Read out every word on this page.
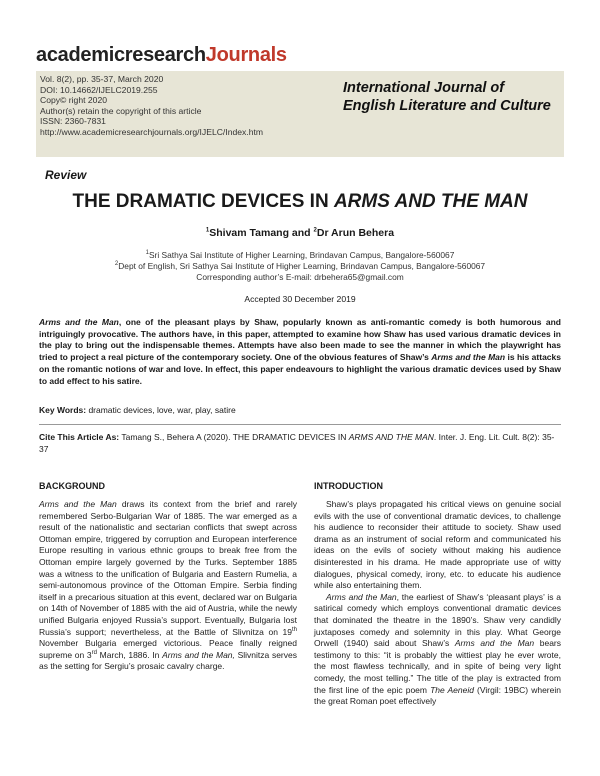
academicresearchJournals
Vol. 8(2), pp. 35-37, March 2020
DOI: 10.14662/IJELC2019.255
Copy© right 2020
Author(s) retain the copyright of this article
ISSN: 2360-7831
http://www.academicresearchjournals.org/IJELC/Index.htm
International Journal of English Literature and Culture
Review
THE DRAMATIC DEVICES IN ARMS AND THE MAN
$^1$Shivam Tamang and $^2$Dr Arun Behera
$^1$Sri Sathya Sai Institute of Higher Learning, Brindavan Campus, Bangalore-560067
$^2$Dept of English, Sri Sathya Sai Institute of Higher Learning, Brindavan Campus, Bangalore-560067
Corresponding author’s E-mail: drbehera65@gmail.com
Accepted 30 December 2019
Arms and the Man, one of the pleasant plays by Shaw, popularly known as anti-romantic comedy is both humorous and intriguingly provocative. The authors have, in this paper, attempted to examine how Shaw has used various dramatic devices in the play to bring out the indispensable themes. Attempts have also been made to see the manner in which the playwright has tried to project a real picture of the contemporary society. One of the obvious features of Shaw’s Arms and the Man is his attacks on the romantic notions of war and love. In effect, this paper endeavours to highlight the various dramatic devices used by Shaw to add effect to his satire.
Key Words: dramatic devices, love, war, play, satire
Cite This Article As: Tamang S., Behera A (2020). THE DRAMATIC DEVICES IN ARMS AND THE MAN. Inter. J. Eng. Lit. Cult. 8(2): 35-37
BACKGROUND	INTRODUCTION

Arms and the Man draws its context from the brief and rarely remembered Serbo-Bulgarian War of 1885. The war emerged as a result of the nationalistic and sectarian conflicts that swept across Ottoman empire, triggered by corruption and European interference Europe resulting in various ethnic groups to break free from the Ottoman empire largely governed by the Turks. September 1885 was a witness to the unification of Bulgaria and Eastern Rumelia, a semi-autonomous province of the Ottoman Empire. Serbia finding itself in a precarious situation at this event, declared war on Bulgaria on 14th of November of 1885 with the aid of Austria, while the newly unified Bulgaria enjoyed Russia’s support. Eventually, Bulgaria lost Russia’s support; nevertheless, at the Battle of Slivnitza on 19th November Bulgaria emerged victorious. Peace finally reigned supreme on 3rd March, 1886. In Arms and the Man, Slivnitza serves as the setting for Sergiu’s prosaic cavalry charge.

Shaw’s plays propagated his critical views on genuine social evils with the use of conventional dramatic devices, to challenge his audience to reconsider their attitude to society. Shaw used drama as an instrument of social reform and communicated his ideas on the evils of society without making his audience disinterested in his drama. He made appropriate use of witty dialogues, physical comedy, irony, etc. to educate his audience while also entertaining them.

Arms and the Man, the earliest of Shaw’s ‘pleasant plays’ is a satirical comedy which employs conventional dramatic devices that dominated the theatre in the 1890’s. Shaw very candidly juxtaposes comedy and solemnity in this play. What George Orwell (1940) said about Shaw’s Arms and the Man bears testimony to this: “it is probably the wittiest play he ever wrote, the most flawless technically, and in spite of being very light comedy, the most telling.” The title of the play is extracted from the first line of the epic poem The Aeneid (Virgil: 19BC) wherein the great Roman poet effectively
